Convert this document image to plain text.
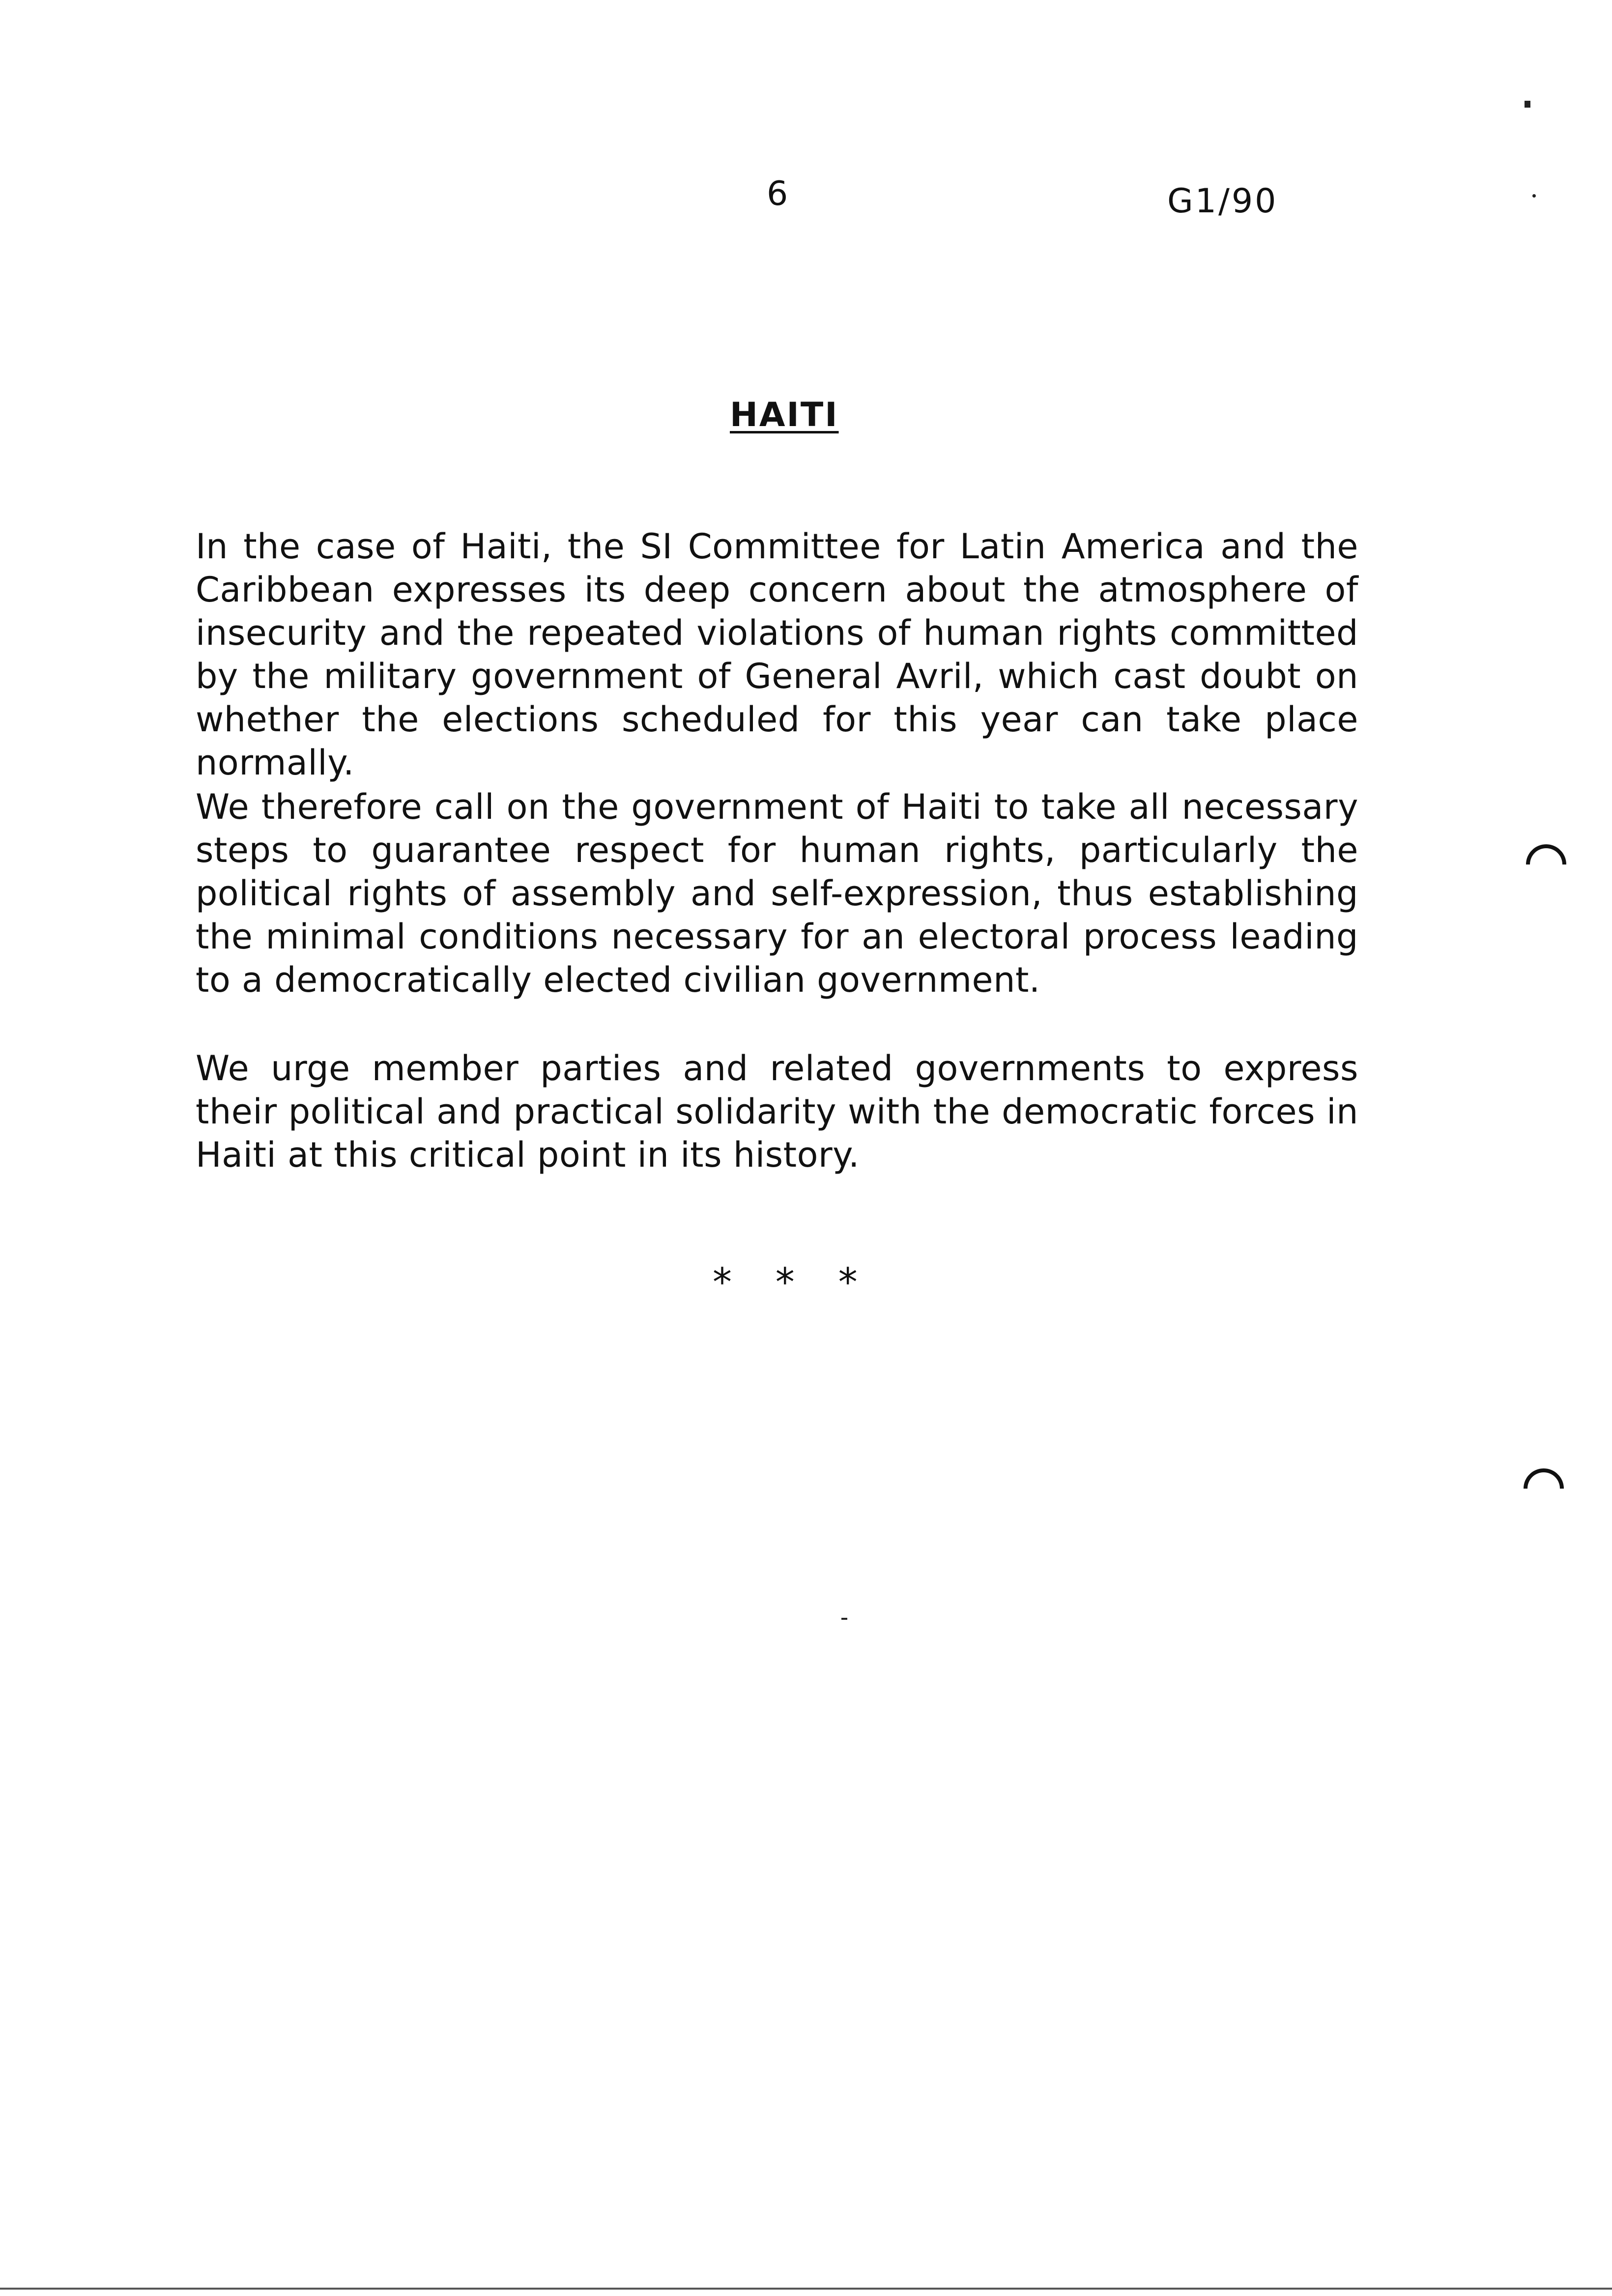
6	G1/90
HAITI
In the case of Haiti, the SI Committee for Latin America and the Caribbean expresses its deep concern about the atmosphere of insecurity and the repeated violations of human rights committed by the military government of General Avril, which cast doubt on whether the elections scheduled for this year can take place normally.
We therefore call on the government of Haiti to take all necessary steps to guarantee respect for human rights, particularly the political rights of assembly and self-expression, thus establishing the minimal conditions necessary for an electoral process leading to a democratically elected civilian government.
We urge member parties and related governments to express their political and practical solidarity with the democratic forces in Haiti at this critical point in its history.
* * *
